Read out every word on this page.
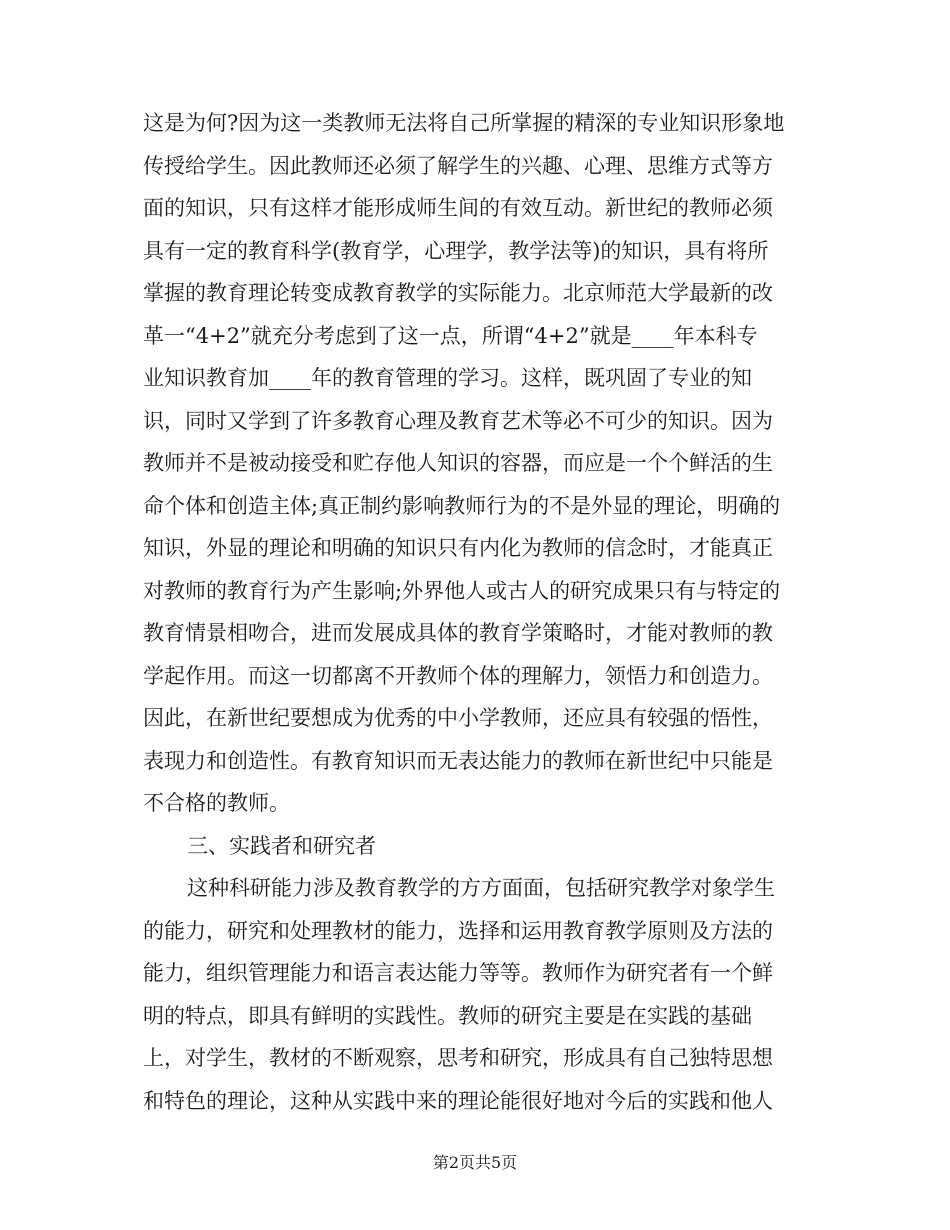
这是为何?因为这一类教师无法将自己所掌握的精深的专业知识形象地
传授给学生。因此教师还必须了解学生的兴趣、心理、思维方式等方
面的知识，只有这样才能形成师生间的有效互动。新世纪的教师必须
具有一定的教育科学(教育学，心理学，教学法等)的知识，具有将所
掌握的教育理论转变成教育教学的实际能力。北京师范大学最新的改
革一“4+2”就充分考虑到了这一点，所谓“4+2”就是____年本科专
业知识教育加____年的教育管理的学习。这样，既巩固了专业的知
识，同时又学到了许多教育心理及教育艺术等必不可少的知识。因为
教师并不是被动接受和贮存他人知识的容器，而应是一个个鲜活的生
命个体和创造主体;真正制约影响教师行为的不是外显的理论，明确的
知识，外显的理论和明确的知识只有内化为教师的信念时，才能真正
对教师的教育行为产生影响;外界他人或古人的研究成果只有与特定的
教育情景相吻合，进而发展成具体的教育学策略时，才能对教师的教
学起作用。而这一切都离不开教师个体的理解力，领悟力和创造力。
因此，在新世纪要想成为优秀的中小学教师，还应具有较强的悟性，
表现力和创造性。有教育知识而无表达能力的教师在新世纪中只能是
不合格的教师。
三、实践者和研究者
这种科研能力涉及教育教学的方方面面，包括研究教学对象学生
的能力，研究和处理教材的能力，选择和运用教育教学原则及方法的
能力，组织管理能力和语言表达能力等等。教师作为研究者有一个鲜
明的特点，即具有鲜明的实践性。教师的研究主要是在实践的基础
上，对学生，教材的不断观察，思考和研究，形成具有自己独特思想
和特色的理论，这种从实践中来的理论能很好地对今后的实践和他人
第2页共5页
